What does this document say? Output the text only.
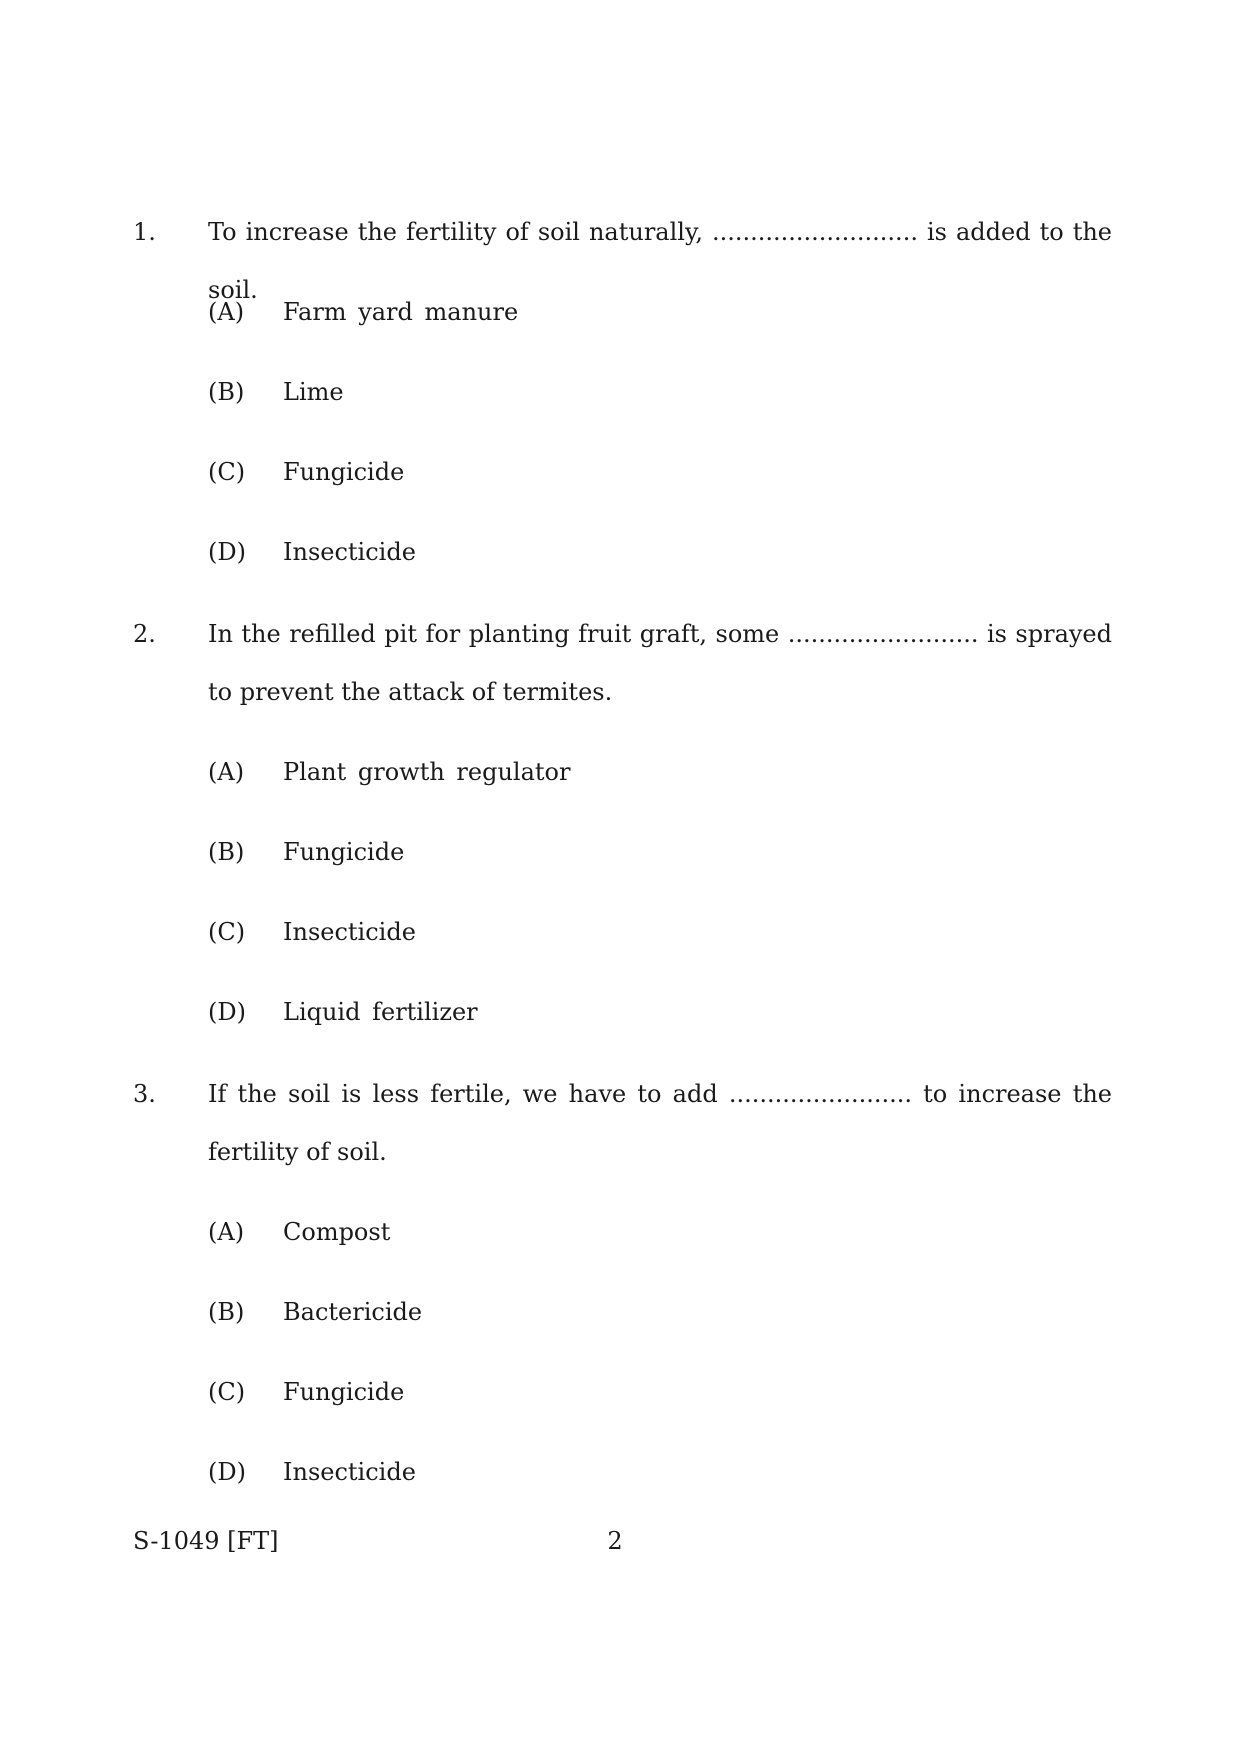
1.	To increase the fertility of soil naturally, ........................... is added to the soil.
(A)	Farm yard manure
(B)	Lime
(C)	Fungicide
(D)	Insecticide
2.	In the refilled pit for planting fruit graft, some ......................... is sprayed to prevent the attack of termites.
(A)	Plant growth regulator
(B)	Fungicide
(C)	Insecticide
(D)	Liquid fertilizer
3.	If the soil is less fertile, we have to add ........................ to increase the fertility of soil.
(A)	Compost
(B)	Bactericide
(C)	Fungicide
(D)	Insecticide
S-1049 [FT]	2
